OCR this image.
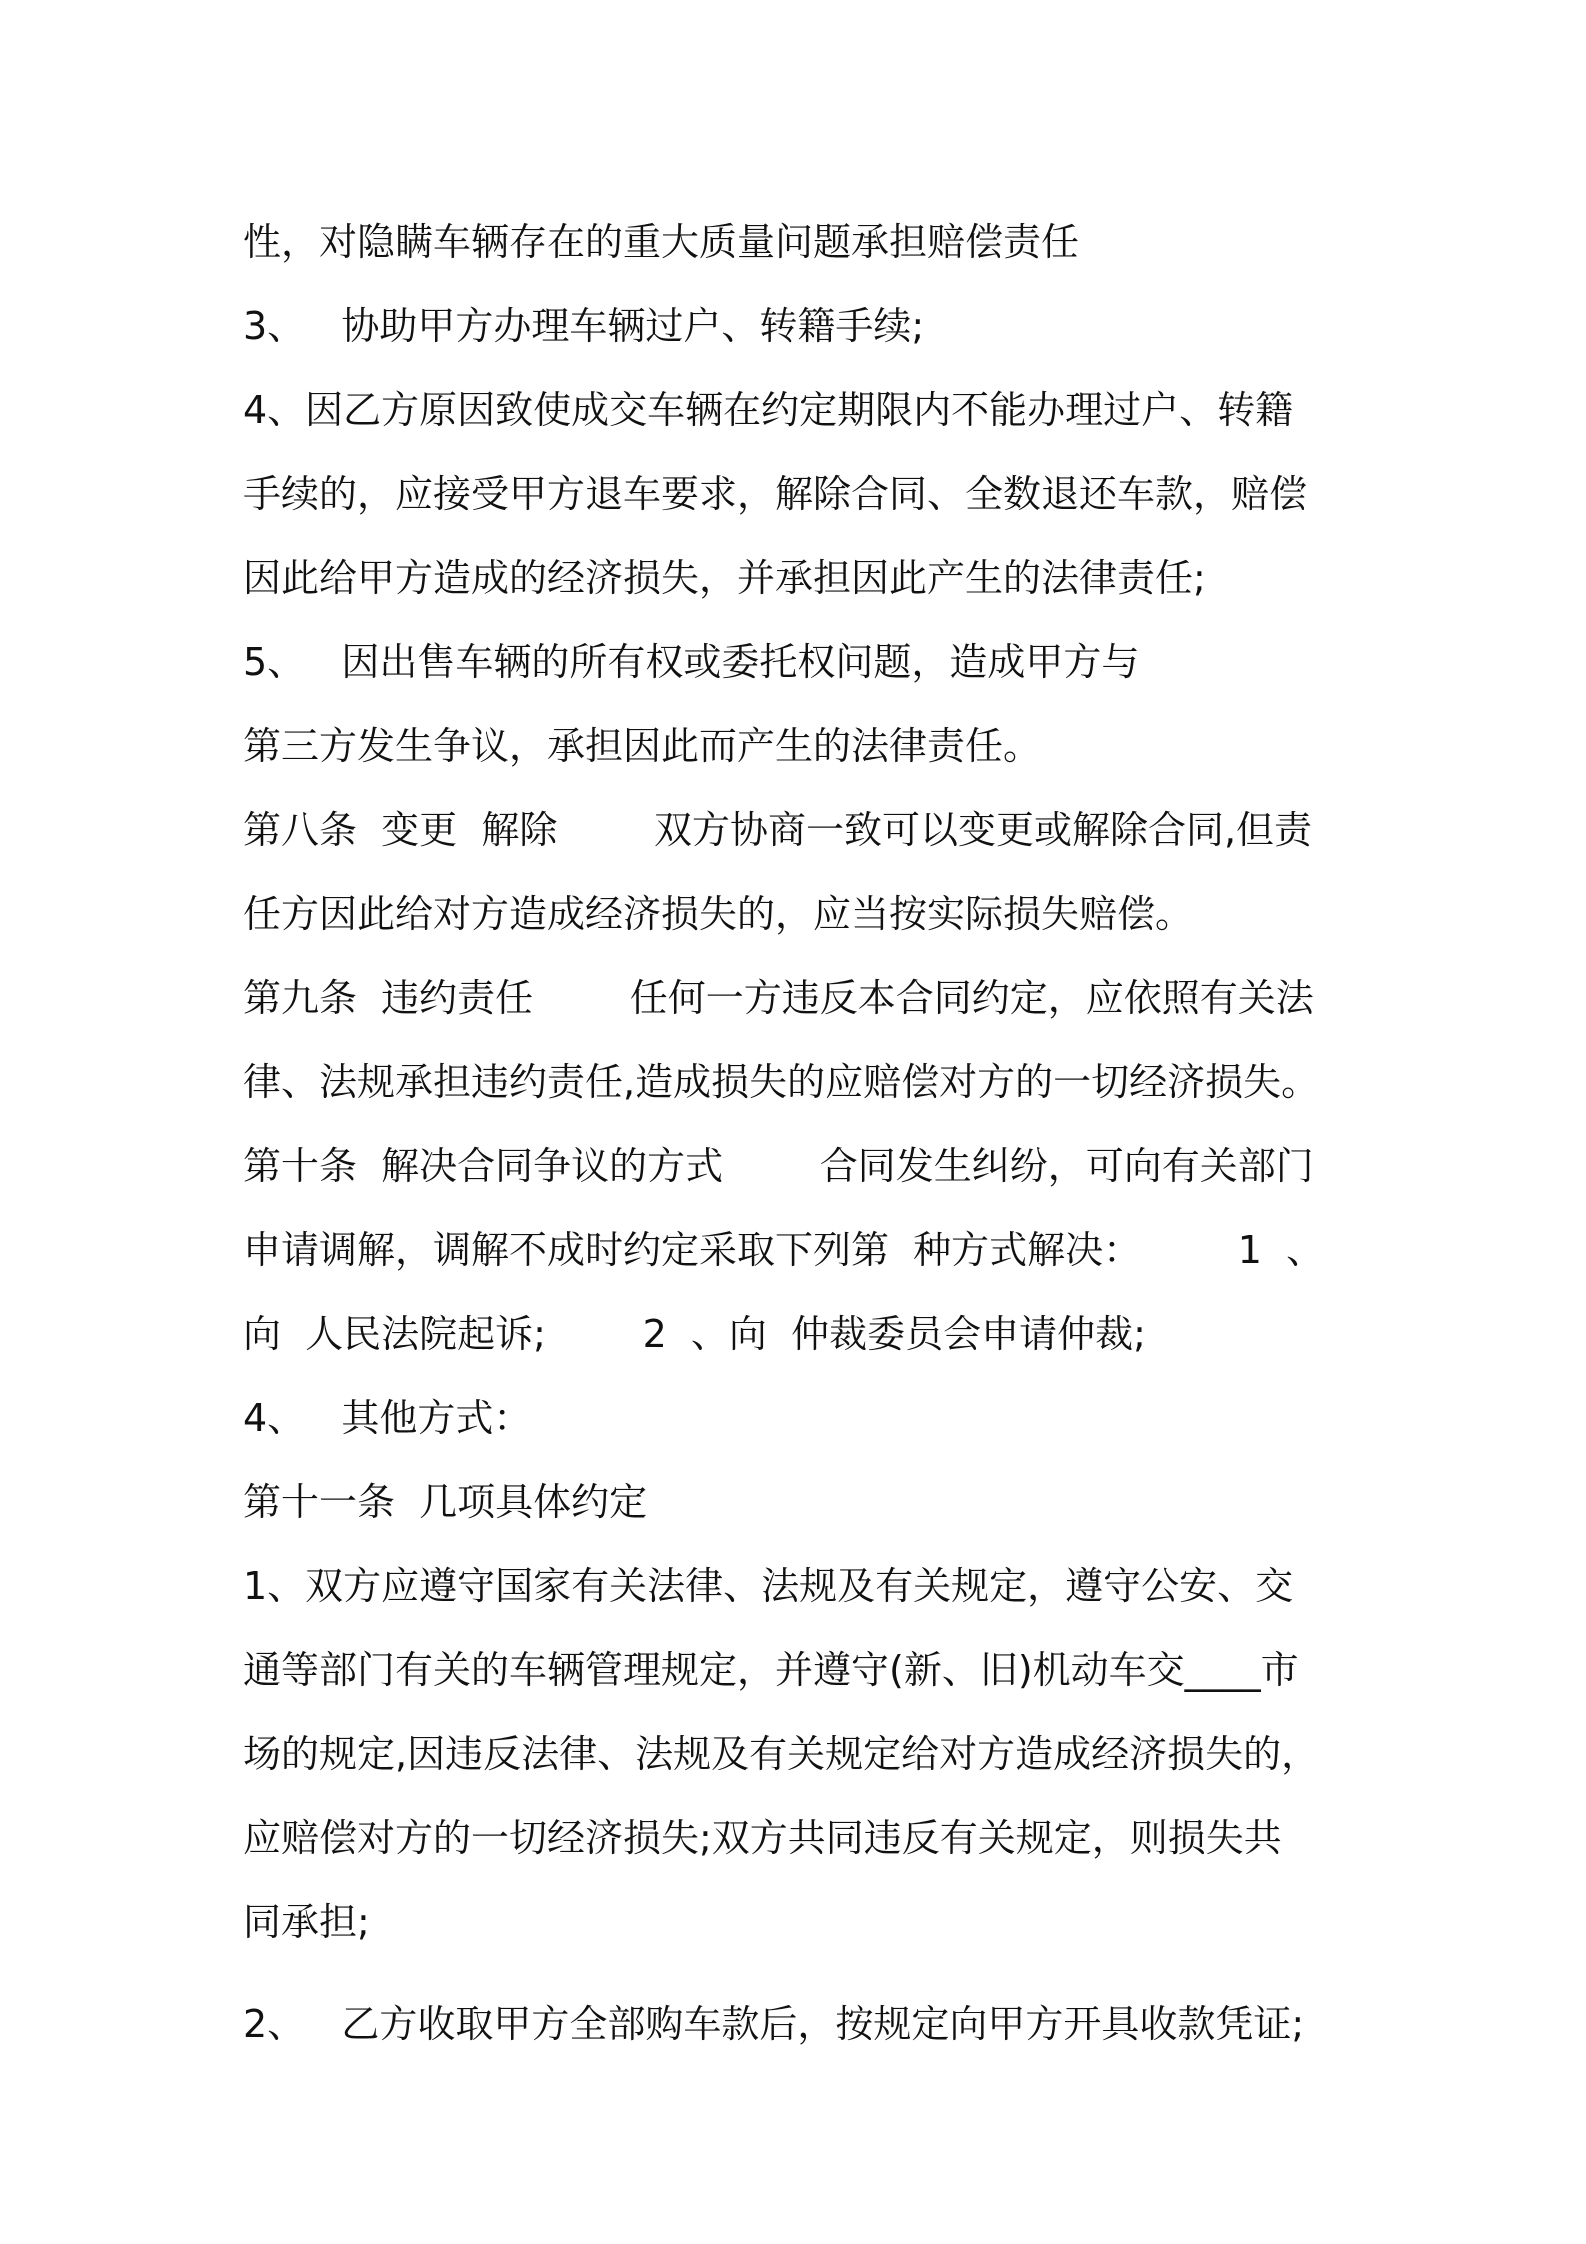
性，对隐瞒车辆存在的重大质量问题承担赔偿责任
3、   协助甲方办理车辆过户、转籍手续;
4、因乙方原因致使成交车辆在约定期限内不能办理过户、转籍
手续的，应接受甲方退车要求，解除合同、全数退还车款，赔偿
因此给甲方造成的经济损失，并承担因此产生的法律责任;
5、   因出售车辆的所有权或委托权问题，造成甲方与
第三方发生争议，承担因此而产生的法律责任。
第八条  变更  解除        双方协商一致可以变更或解除合同,但责
任方因此给对方造成经济损失的，应当按实际损失赔偿。
第九条  违约责任        任何一方违反本合同约定，应依照有关法
律、法规承担违约责任,造成损失的应赔偿对方的一切经济损失。
第十条  解决合同争议的方式        合同发生纠纷，可向有关部门
申请调解，调解不成时约定采取下列第  种方式解决：        1  、
向  人民法院起诉;        2  、向  仲裁委员会申请仲裁;
4、   其他方式：
第十一条  几项具体约定
1、双方应遵守国家有关法律、法规及有关规定，遵守公安、交
通等部门有关的车辆管理规定，并遵守(新、旧)机动车交____市
场的规定,因违反法律、法规及有关规定给对方造成经济损失的，
应赔偿对方的一切经济损失;双方共同违反有关规定，则损失共
同承担;
2、   乙方收取甲方全部购车款后，按规定向甲方开具收款凭证;
